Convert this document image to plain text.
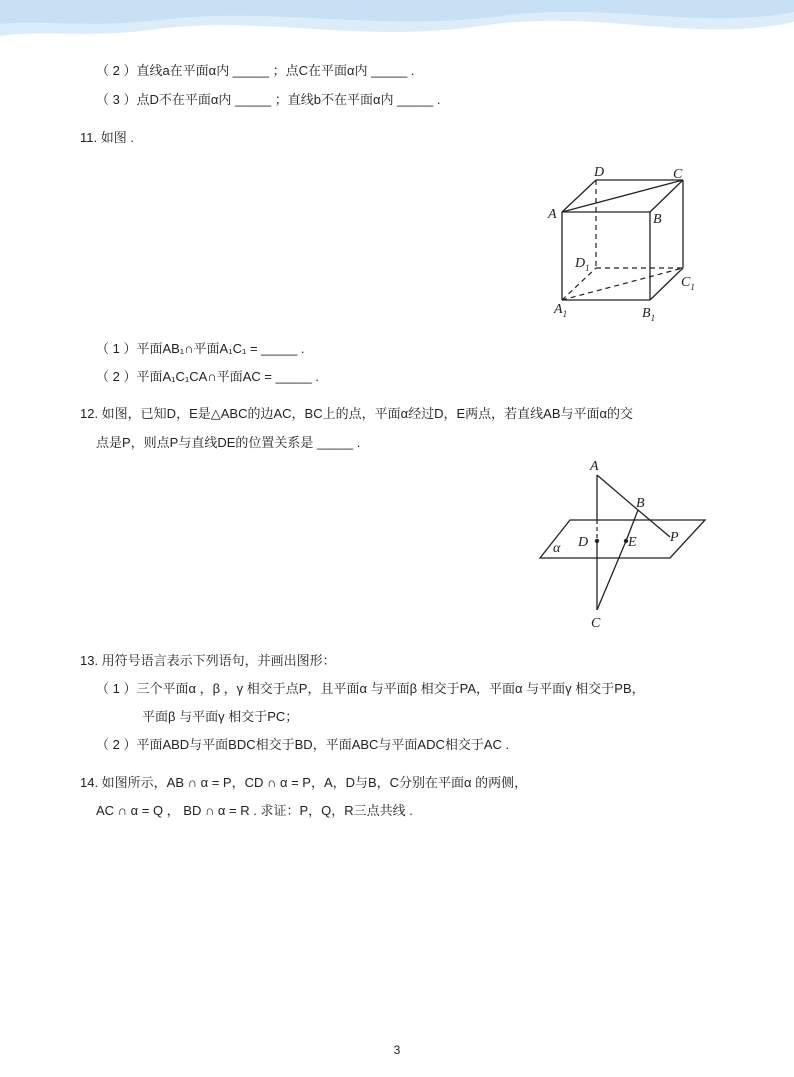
（ 2 ）直线a在平面α内 _____ ；点C在平面α内 _____ .
（ 3 ）点D不在平面α内 _____ ；直线b不在平面α内 _____ .
11. 如图 .
D	C
A	B
$D_1$
$C_1$
$A_1$	$B_1$
（ 1 ）平面AB₁∩平面A₁C₁ = _____ .
（ 2 ）平面A₁C₁CA∩平面AC = _____ .
12. 如图，已知D，E是△ABC的边AC，BC上的点，平面α经过D，E两点，若直线AB与平面α的交
点是P，则点P与直线DE的位置关系是 _____ .
A
B
P
D	E
α
C
13. 用符号语言表示下列语句，并画出图形：
（ 1 ）三个平面α ，β ，γ 相交于点P，且平面α 与平面β 相交于PA，平面α 与平面γ 相交于PB，
平面β 与平面γ 相交于PC；
（ 2 ）平面ABD与平面BDC相交于BD，平面ABC与平面ADC相交于AC .
14. 如图所示，AB ∩ α = P，CD ∩ α = P，A，D与B，C分别在平面α 的两侧，
AC ∩ α = Q ， BD ∩ α = R . 求证：P，Q，R三点共线 .
3
